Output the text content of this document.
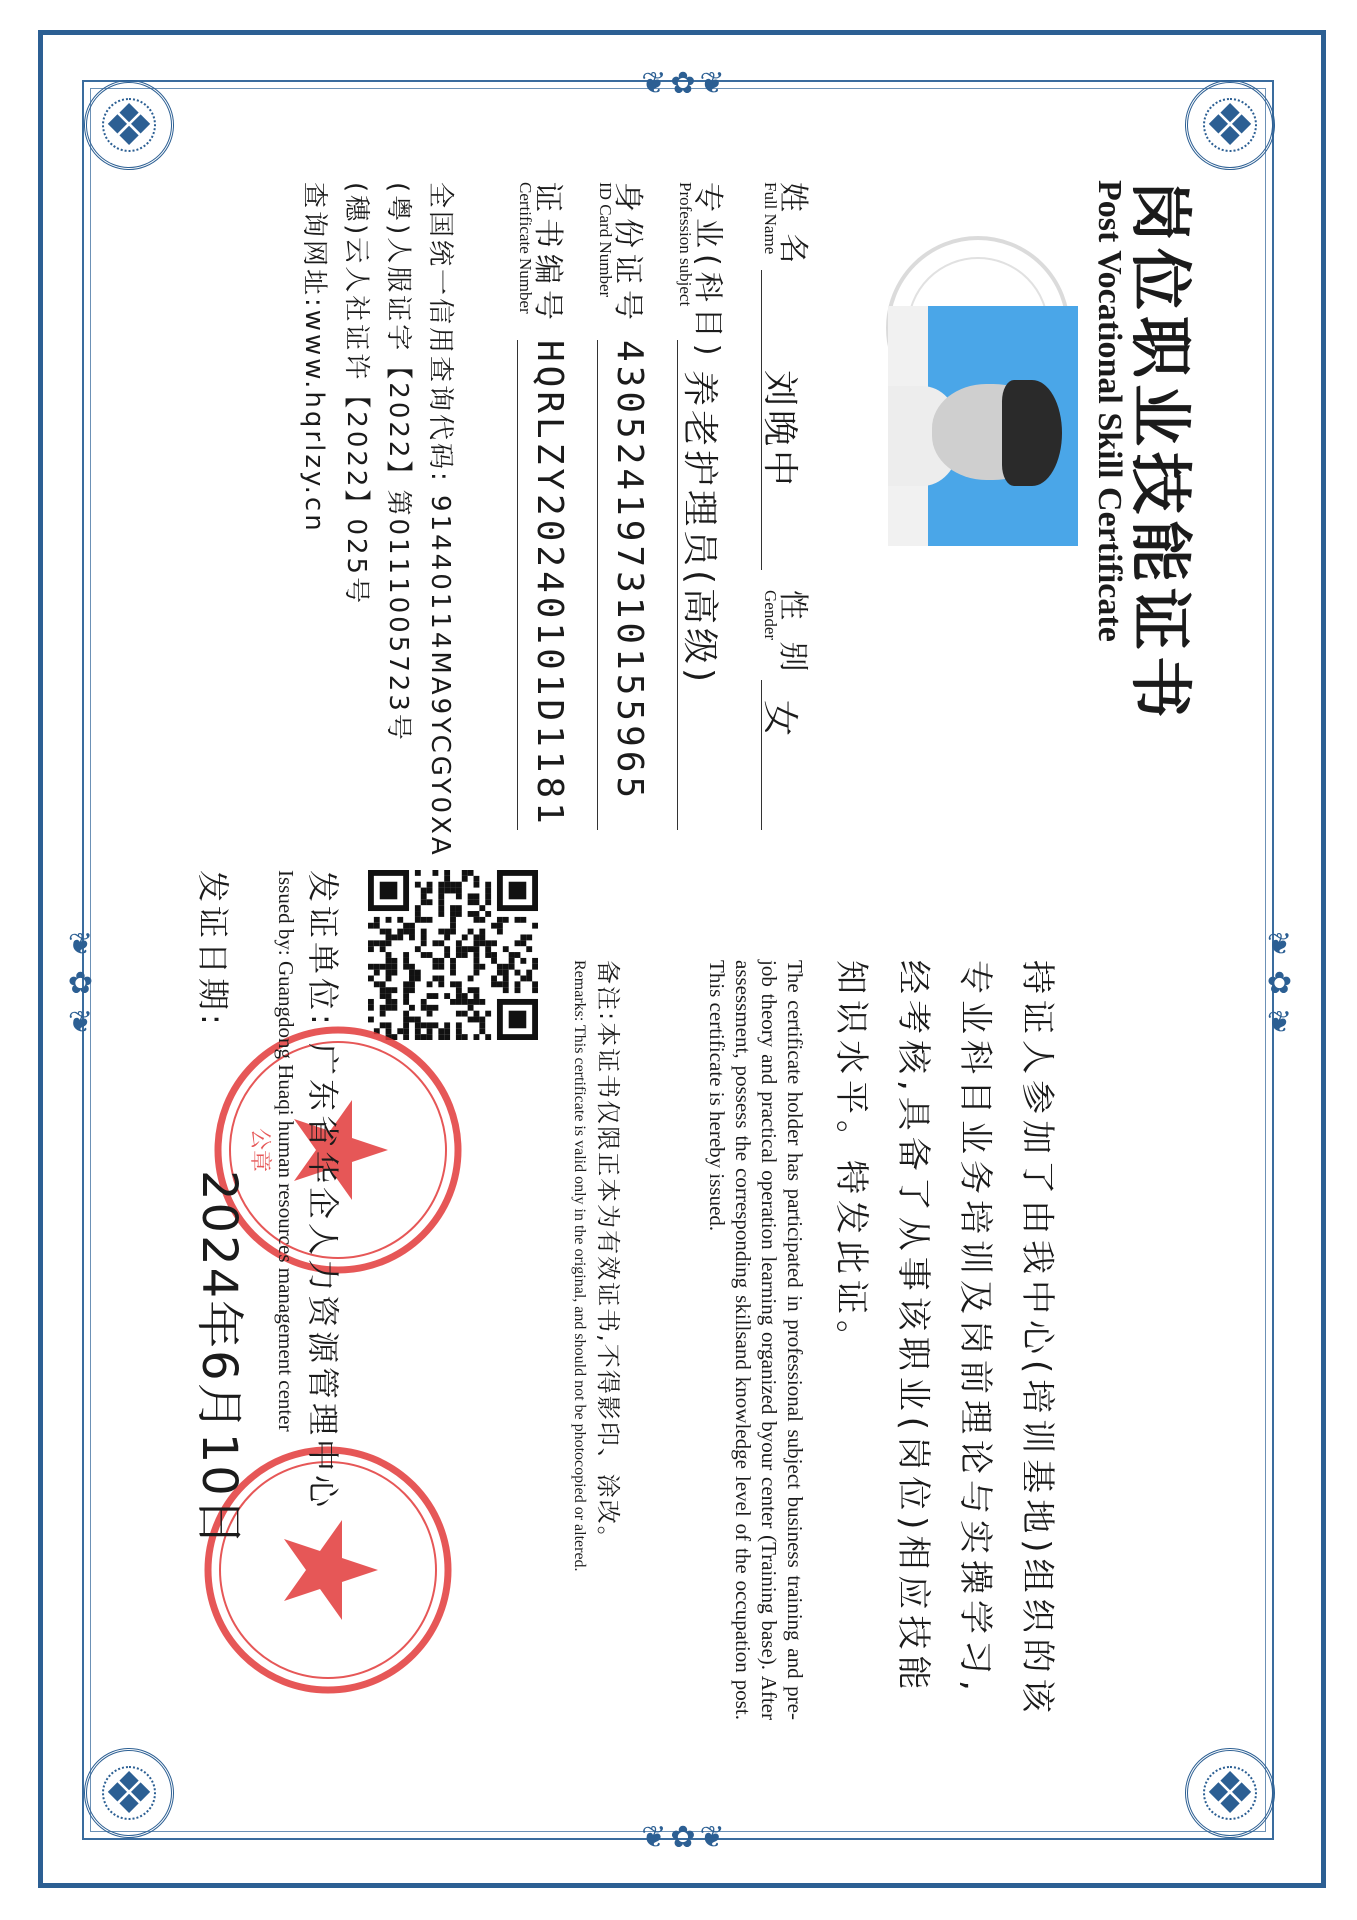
❖	❖
❖	❖
❦✿❦
❦✿❦
❦✿❦	❦✿❦
岗位职业技能证书
Post Vocational Skill Certificate
姓 名
Full Name
刘晚中
性 别
Gender
女
专业(科目)
Profession subject
养老护理员(高级)
身份证号
ID Card Number
430524197310155965
证书编号
Certificate Number
HQRLZY20240101D1181
全国统一信用查询代码: 91440114MA9YCGY0XA
(粤)人服证字【2022】第0111005723号
(穗)云人社证许【2022】025号
查询网址:www.hqrlzy.cn
持证人参加了由我中心(培训基地)组织的该专业科目业务培训及岗前理论与实操学习,经考核,具备了从事该职业(岗位)相应技能知识水平。特发此证。
The certificate holder has participated in professional subject business training and pre-job theory and practical operation learning organized byour center (Training base). After assessment, possess the corresponding skillsand knowledge level of the occupation post. This certificate is hereby issued.
备注:本证书仅限正本为有效证书,不得影印、涂改。
Remarks: This certificate is valid only in the original, and should not be photocopied or altered.
公章 发证单位: 广东省华企人力资源管理中心
Issued by: Guangdong Huaqi human resources management center
发证日期:
2024年6月10日
